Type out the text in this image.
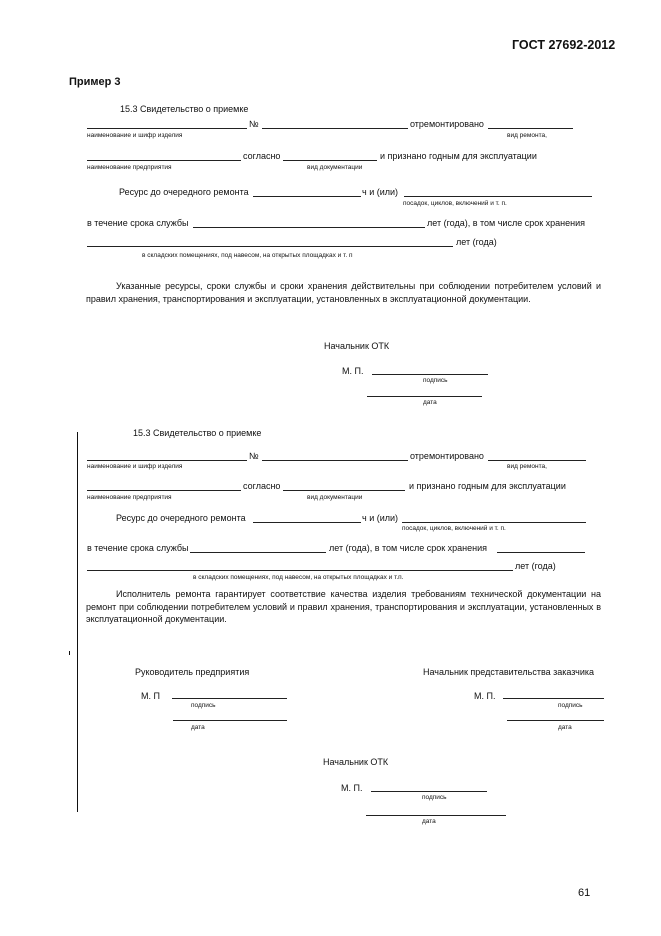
ГОСТ 27692-2012
Пример 3
15.3 Свидетельство о приемке
№	отремонтировано
наименование и шифр изделия	вид ремонта,
согласно	и признано годным для эксплуатации
наименование предприятия	вид документации
Ресурс до очередного ремонта	ч и (или)
посадок, циклов, включений и т. п.
в течение срока службы	лет (года), в том числе срок хранения
лет (года)
в складских помещениях, под навесом, на открытых площадках и т. п
Указанные ресурсы, сроки службы и сроки хранения действительны при соблюдении потребителем условий и правил хранения, транспортирования и эксплуатации, установленных в эксплуатационной документации.
Начальник ОТК
М. П.
подпись
дата
15.3 Свидетельство о приемке
№	отремонтировано
наименование и шифр изделия	вид ремонта,
согласно	и признано годным для эксплуатации
наименование предприятия	вид документации
Ресурс до очередного ремонта	ч и (или)
посадок, циклов, включений и т. п.
в течение срока службы	лет (года), в том числе срок хранения
лет (года)
в складских помещениях, под навесом, на открытых площадках и т.п.
Исполнитель ремонта гарантирует соответствие качества изделия требованиям технической документации на ремонт при соблюдении потребителем условий и правил хранения, транспортирования и эксплуатации, установленных в эксплуатационной документации.
Руководитель предприятия
М. П
подпись
дата
Начальник представительства заказчика
М. П.
подпись
дата
Начальник ОТК
М. П.
подпись
дата
61
